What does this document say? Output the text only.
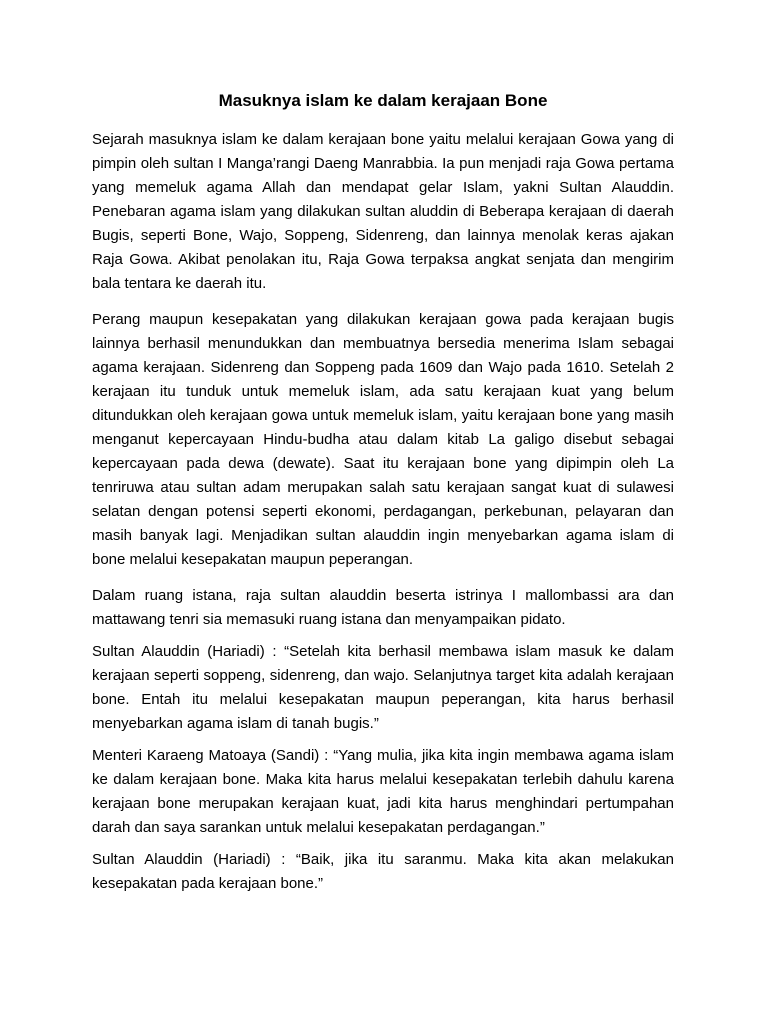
Masuknya islam ke dalam kerajaan Bone

Sejarah masuknya islam ke dalam kerajaan bone yaitu melalui kerajaan Gowa yang di pimpin oleh sultan I Manga’rangi Daeng Manrabbia. Ia pun menjadi raja Gowa pertama yang memeluk agama Allah dan mendapat gelar Islam, yakni Sultan Alauddin. Penebaran agama islam yang dilakukan sultan aluddin di Beberapa kerajaan di daerah Bugis, seperti Bone, Wajo, Soppeng, Sidenreng, dan lainnya menolak keras ajakan Raja Gowa. Akibat penolakan itu, Raja Gowa terpaksa angkat senjata dan mengirim bala tentara ke daerah itu.

Perang maupun kesepakatan yang dilakukan kerajaan gowa pada kerajaan bugis lainnya berhasil menundukkan dan membuatnya bersedia menerima Islam sebagai agama kerajaan. Sidenreng dan Soppeng pada 1609 dan Wajo pada 1610. Setelah 2 kerajaan itu tunduk untuk memeluk islam, ada satu kerajaan kuat yang belum ditundukkan oleh kerajaan gowa untuk memeluk islam, yaitu kerajaan bone yang masih menganut kepercayaan Hindu-budha atau dalam kitab La galigo disebut sebagai kepercayaan pada dewa (dewate). Saat itu kerajaan bone yang dipimpin oleh La tenriruwa atau sultan adam merupakan salah satu kerajaan sangat kuat di sulawesi selatan dengan potensi seperti ekonomi, perdagangan, perkebunan, pelayaran dan masih banyak lagi. Menjadikan sultan alauddin ingin menyebarkan agama islam di bone melalui kesepakatan maupun peperangan.

Dalam ruang istana, raja sultan alauddin beserta istrinya I mallombassi ara dan mattawang tenri sia memasuki ruang istana dan menyampaikan pidato.

Sultan Alauddin (Hariadi) : “Setelah kita berhasil membawa islam masuk ke dalam kerajaan seperti soppeng, sidenreng, dan wajo. Selanjutnya target kita adalah kerajaan bone. Entah itu melalui kesepakatan maupun peperangan, kita harus berhasil menyebarkan agama islam di tanah bugis.”

Menteri Karaeng Matoaya (Sandi) : “Yang mulia, jika kita ingin membawa agama islam ke dalam kerajaan bone. Maka kita harus melalui kesepakatan terlebih dahulu karena kerajaan bone merupakan kerajaan kuat, jadi kita harus menghindari pertumpahan darah dan saya sarankan untuk melalui kesepakatan perdagangan.”

Sultan Alauddin (Hariadi) : “Baik, jika itu saranmu. Maka kita akan melakukan kesepakatan pada kerajaan bone.”
